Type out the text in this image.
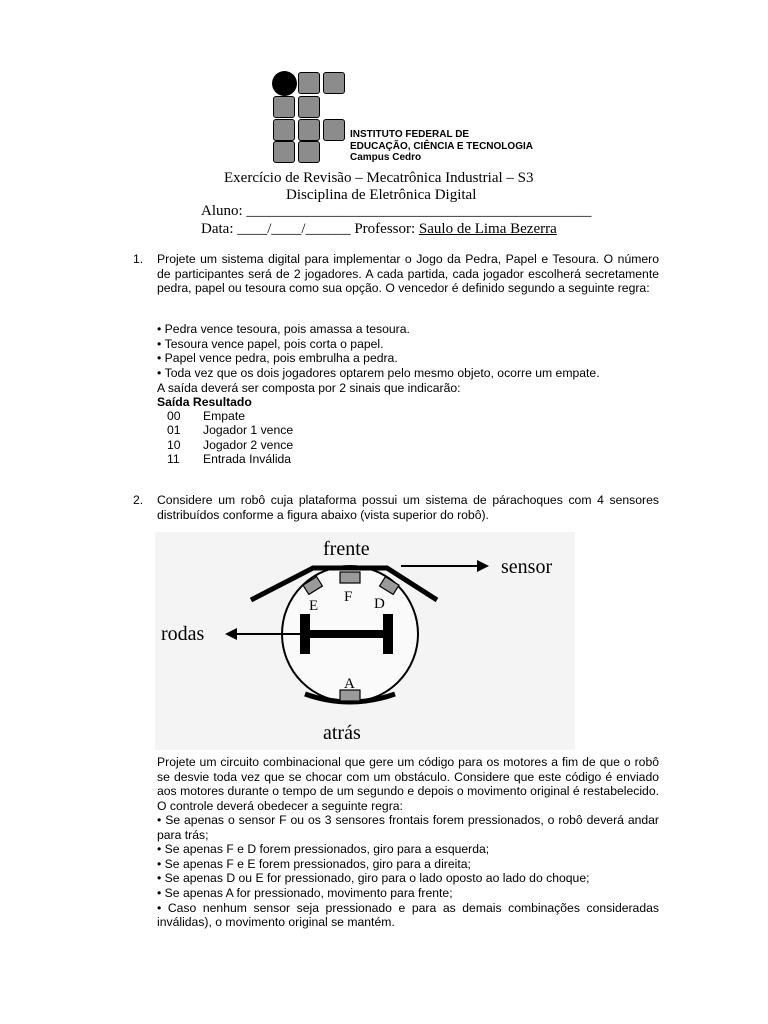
INSTITUTO FEDERAL DE
EDUCAÇÃO, CIÊNCIA E TECNOLOGIA
Campus Cedro
Exercício de Revisão – Mecatrônica Industrial – S3
Disciplina de Eletrônica Digital
Aluno: ______________________________________________
Data: ____/____/______ Professor: Saulo de Lima Bezerra
1. Projete um sistema digital para implementar o Jogo da Pedra, Papel e Tesoura. O número de participantes será de 2 jogadores. A cada partida, cada jogador escolherá secretamente pedra, papel ou tesoura como sua opção. O vencedor é definido segundo a seguinte regra:
• Pedra vence tesoura, pois amassa a tesoura.
• Tesoura vence papel, pois corta o papel.
• Papel vence pedra, pois embrulha a pedra.
• Toda vez que os dois jogadores optarem pelo mesmo objeto, ocorre um empate.
A saída deverá ser composta por 2 sinais que indicarão:
Saída Resultado
00	Empate
01	Jogador 1 vence
10	Jogador 2 vence
11	Entrada Inválida
2. Considere um robô cuja plataforma possui um sistema de párachoques com 4 sensores distribuídos conforme a figura abaixo (vista superior do robô).
frente
sensor
rodas
atrás
E
F D
A
Projete um circuito combinacional que gere um código para os motores a fim de que o robô se desvie toda vez que se chocar com um obstáculo. Considere que este código é enviado aos motores durante o tempo de um segundo e depois o movimento original é restabelecido. O controle deverá obedecer a seguinte regra:
• Se apenas o sensor F ou os 3 sensores frontais forem pressionados, o robô deverá andar para trás;
• Se apenas F e D forem pressionados, giro para a esquerda;
• Se apenas F e E forem pressionados, giro para a direita;
• Se apenas D ou E for pressionado, giro para o lado oposto ao lado do choque;
• Se apenas A for pressionado, movimento para frente;
• Caso nenhum sensor seja pressionado e para as demais combinações consideradas inválidas), o movimento original se mantém.
